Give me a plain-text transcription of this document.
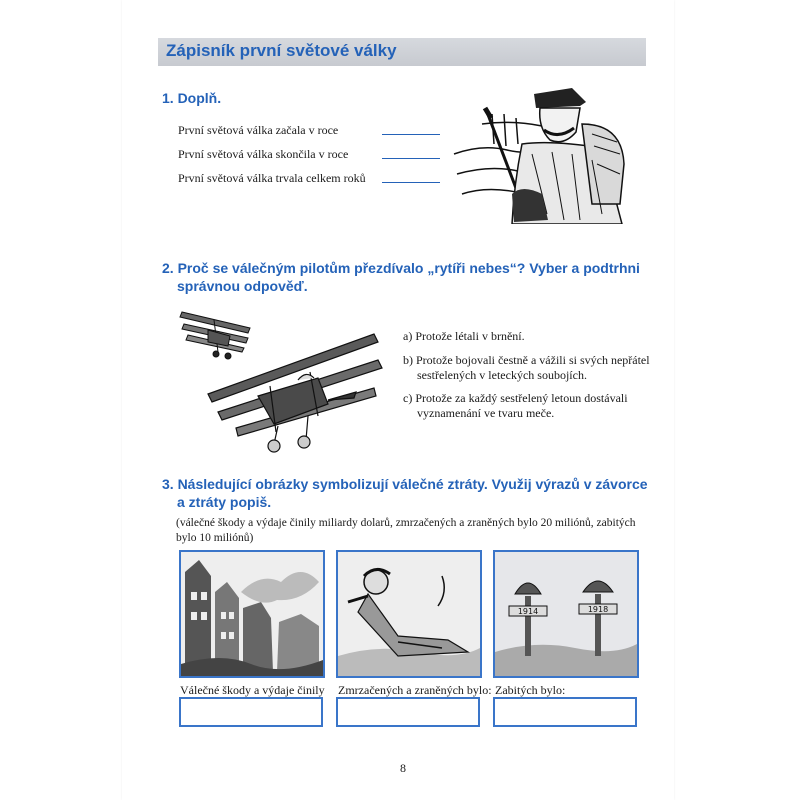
Zápisník první světové války
1. Doplň.
První světová válka začala v roce
První světová válka skončila v roce
První světová válka trvala celkem roků
2. Proč se válečným pilotům přezdívalo „rytíři nebes“? Vyber a podtrhni
správnou odpověď.
a) Protože létali v brnění.
b) Protože bojovali čestně a vážili si svých nepřátel
sestřelených v leteckých soubojích.
c) Protože za každý sestřelený letoun dostávali
vyznamenání ve tvaru meče.
3. Následující obrázky symbolizují válečné ztráty. Využij výrazů v závorce
a ztráty popiš.
(válečné škody a výdaje činily miliardy dolarů, zmrzačených a zraněných bylo 20 miliónů, zabitých
bylo 10 miliónů)
1914	1918
Válečné škody a výdaje činily Zmrzačených a zraněných bylo: Zabitých bylo:
8
